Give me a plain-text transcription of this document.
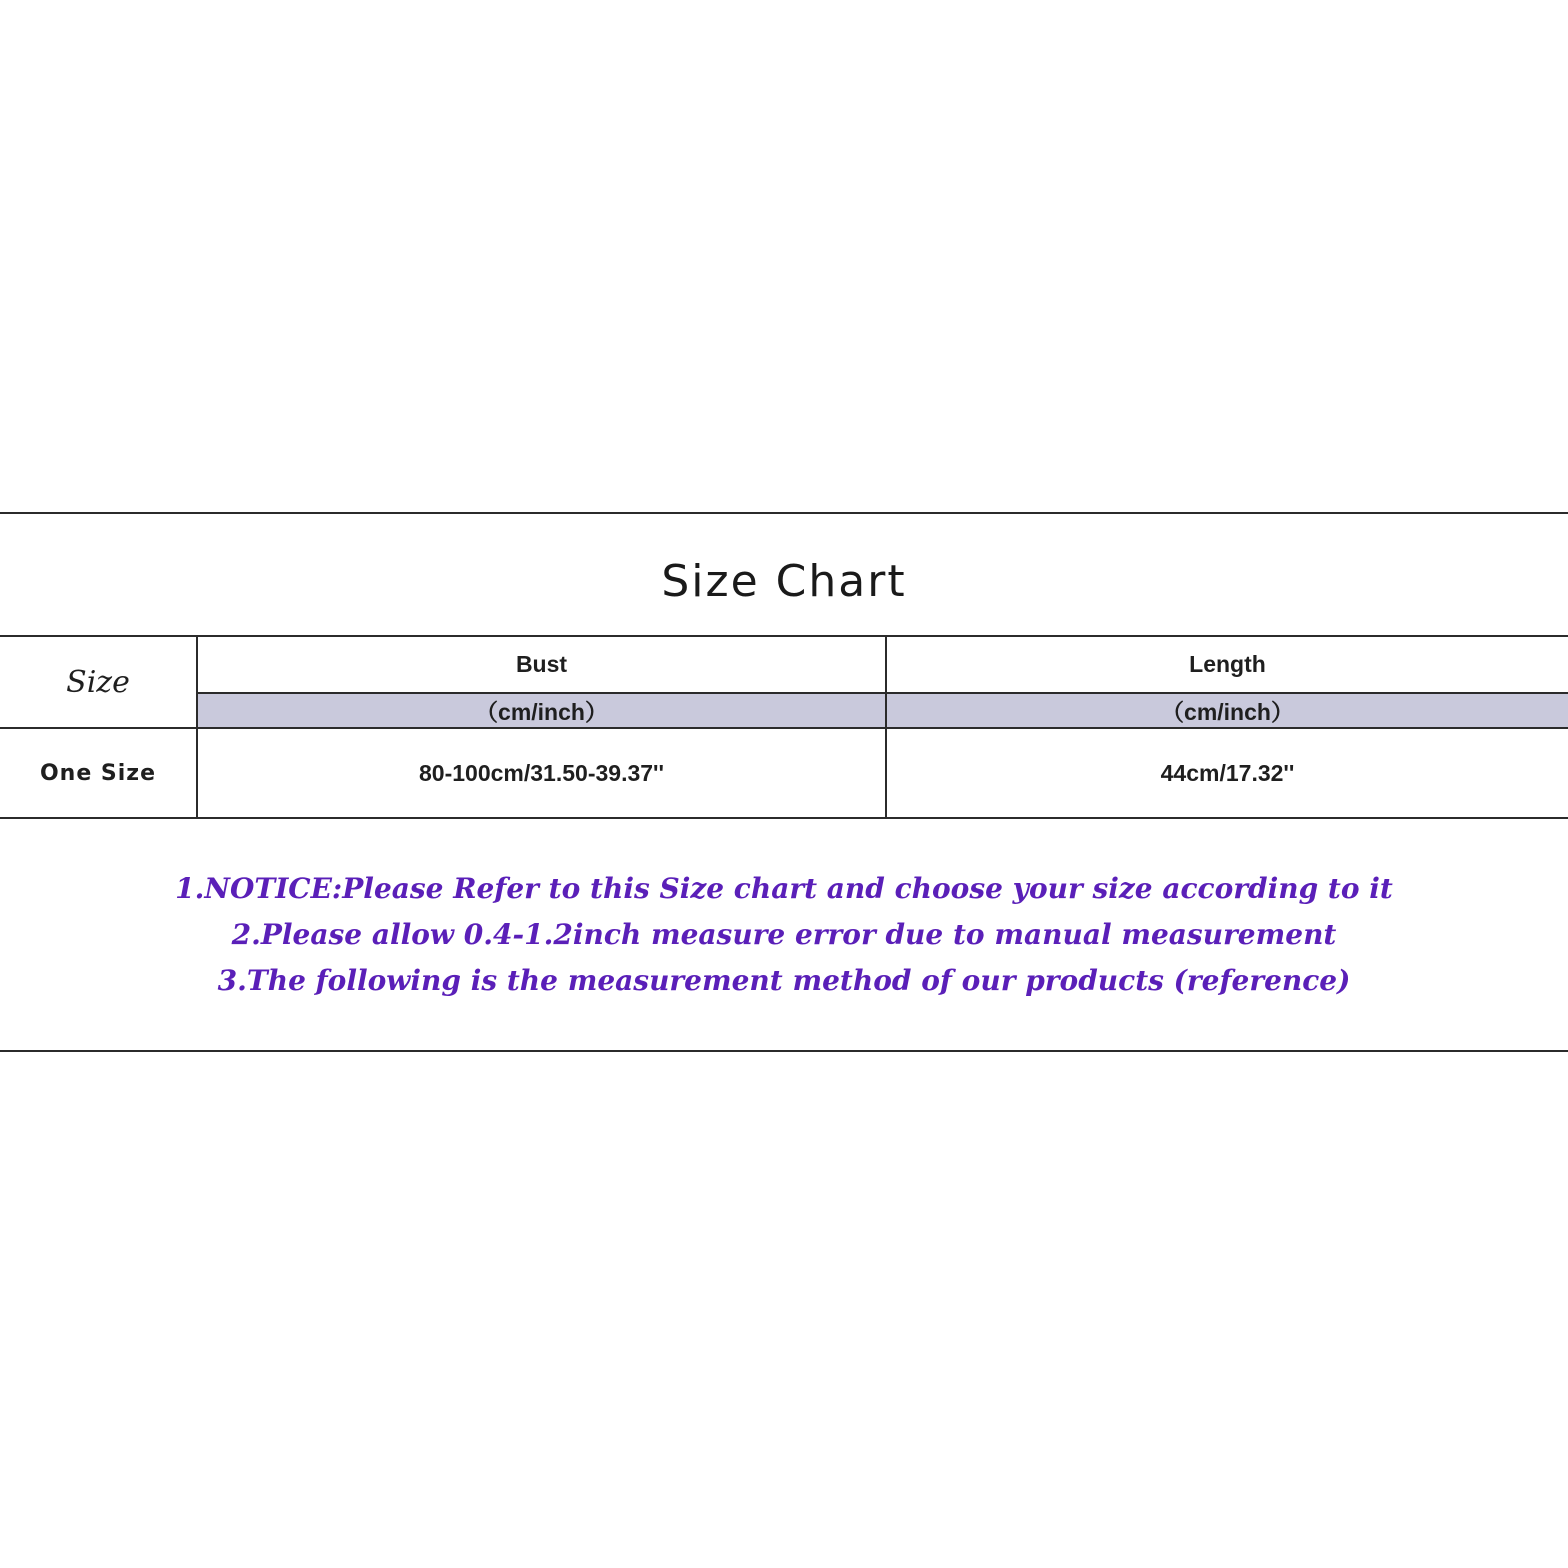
Size Chart
Size	Bust	Length
	（cm/inch）	（cm/inch）
One Size	80-100cm/31.50-39.37''	44cm/17.32''
1.NOTICE:Please Refer to this Size chart and choose your size according to it
2.Please allow 0.4-1.2inch measure error due to manual measurement
3.The following is the measurement method of our products (reference)
